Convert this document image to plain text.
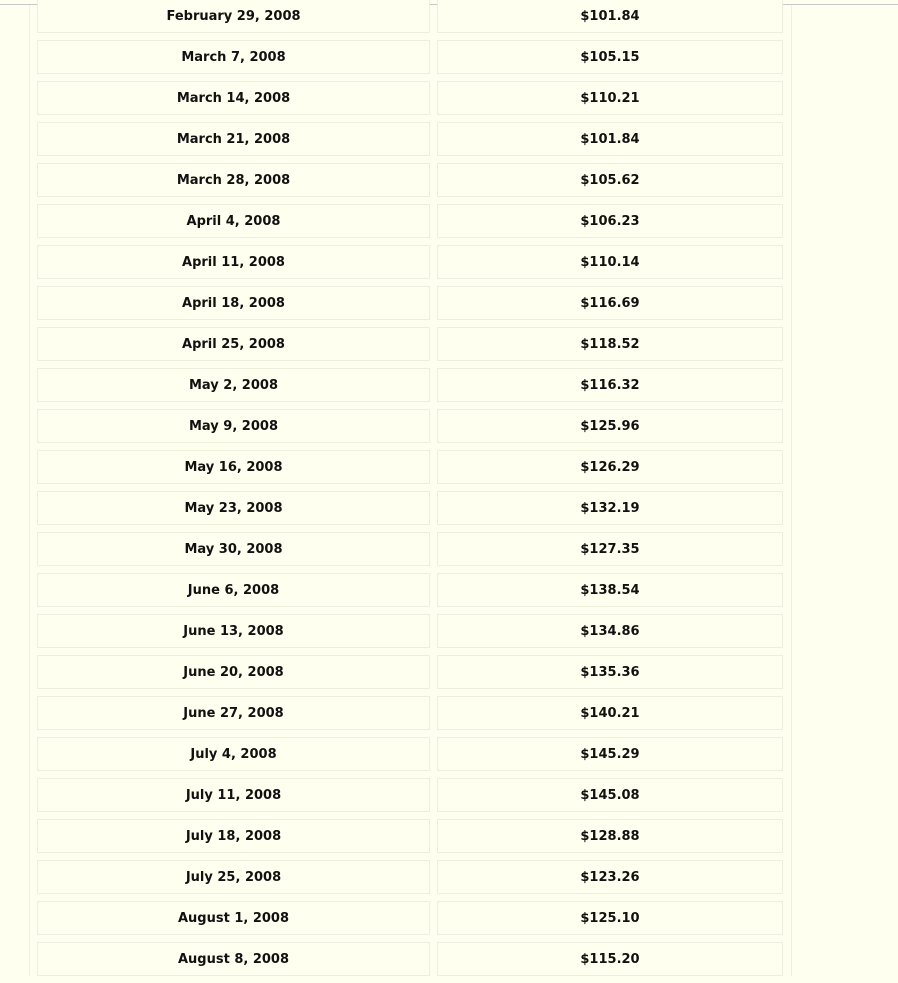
February 29, 2008	$101.84
March 7, 2008	$105.15
March 14, 2008	$110.21
March 21, 2008	$101.84
March 28, 2008	$105.62
April 4, 2008	$106.23
April 11, 2008	$110.14
April 18, 2008	$116.69
April 25, 2008	$118.52
May 2, 2008	$116.32
May 9, 2008	$125.96
May 16, 2008	$126.29
May 23, 2008	$132.19
May 30, 2008	$127.35
June 6, 2008	$138.54
June 13, 2008	$134.86
June 20, 2008	$135.36
June 27, 2008	$140.21
July 4, 2008	$145.29
July 11, 2008	$145.08
July 18, 2008	$128.88
July 25, 2008	$123.26
August 1, 2008	$125.10
August 8, 2008	$115.20
